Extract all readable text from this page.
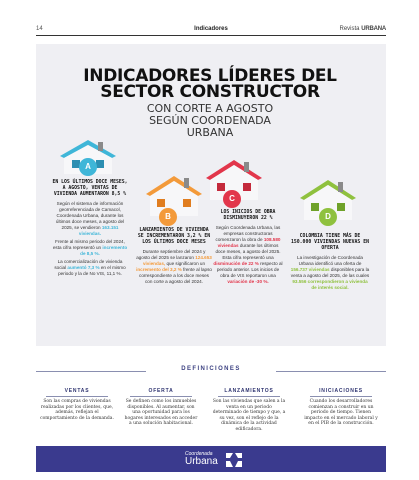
14	Indicadores	Revista URBANA
INDICADORES LÍDERES DEL
SECTOR CONSTRUCTOR
CON CORTE A AGOSTO
SEGÚN COORDENADA
URBANA
A
B
C
D
EN LOS ÚLTIMOS DOCE MESES, A AGOSTO, VENTAS DE VIVIENDA AUMENTARON 8,5 %

Según el sistema de información georreferenciada de Camacol, Coordenada Urbana, durante los últimos doce meses, a agosto del 2025, se vendieron 163.151 viviendas.

Frente al mismo periodo del 2024, esta cifra representó un incremento de 8,5 %.

La comercialización de vivienda social aumentó 7,3 % en el mismo periodo y la de No VIS, 11,1 %.

LANZAMIENTOS DE VIVIENDA SE INCREMENTARON 3,2 % EN LOS ÚLTIMOS DOCE MESES

Durante septiembre del 2024 y agosto del 2025 se lanzaron 124.653 viviendas, que significaron un incremento del 3,2 % frente al lapso correspondiente a los doce meses con corte a agosto del 2024.

LOS INICIOS DE OBRA DISMINUYERON 22 %

Según Coordenada Urbana, las empresas constructoras comenzaron la obra de 108.580 viviendas durante los últimos doce meses, a agosto del 2025. Esta cifra representó una disminución de 22 % respecto al periodo anterior. Los inicios de obra de VIS reportaron una variación de -30 %.

COLOMBIA TIENE MÁS DE 150.000 VIVIENDAS NUEVAS EN OFERTA

La investigación de Coordenada Urbana identificó una oferta de 156.737 viviendas disponibles para la venta a agosto del 2025, de las cuales 93.556 correspondieron a vivienda de interés social.

DEFINICIONES
VENTAS
Son las compras de viviendas realizadas por los clientes, que, además, reflejan el comportamiento de la demanda.
OFERTA
Se definen como los inmuebles disponibles. Al aumentar, son una oportunidad para los hogares interesados en acceder a una solución habitacional.
LANZAMIENTOS
Son las viviendas que salen a la venta en un periodo determinado de tiempo y que, a su vez, son el reflejo de la dinámica de la actividad edificadora.
INICIACIONES
Cuando los desarrolladores comienzan a construir en un periodo de tiempo. Tienen impacto en el mercado laboral y en el PIB de la construcción.
Coordenada
Urbana
